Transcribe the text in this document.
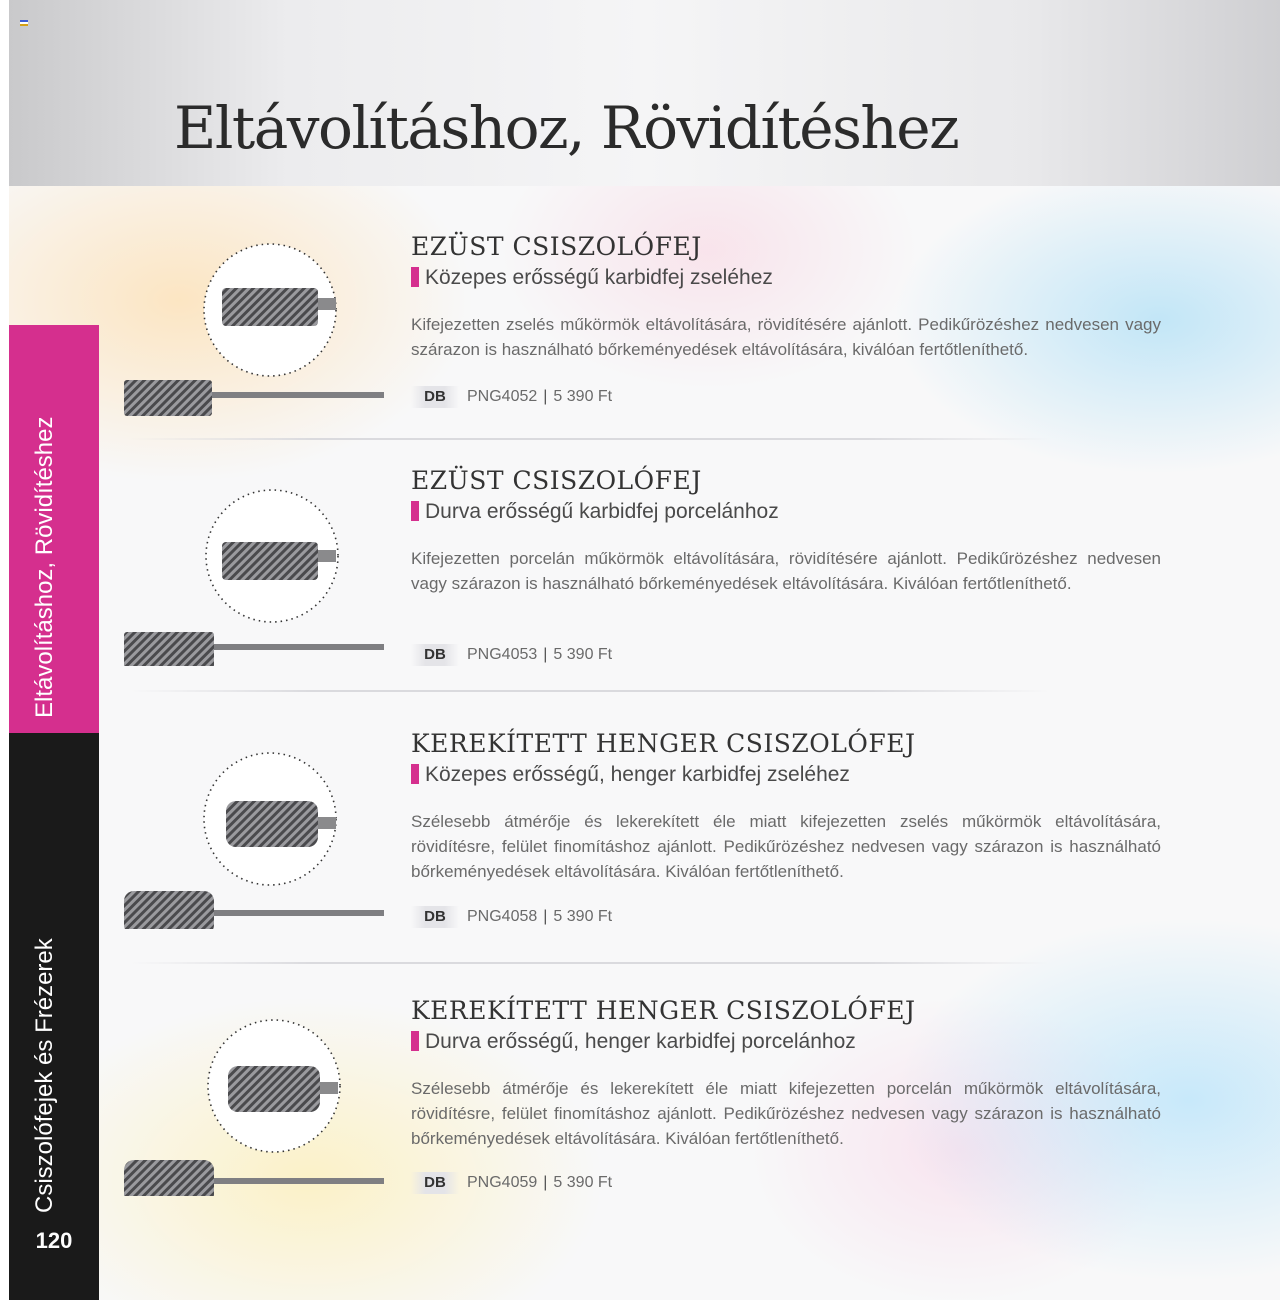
Eltávolításhoz, Rövidítéshez
Eltávolításhoz, Rövidítéshez
Csiszolófejek és Frézerek
120
EZÜST CSISZOLÓFEJ
Közepes erősségű karbidfej zseléhez

Kifejezetten zselés műkörmök eltávolítására, rövidítésére ajánlott. Pedikűrözéshez nedvesen vagy szárazon is használható bőrkeményedések eltávolítására, kiválóan fertőtleníthető.

DB PNG4052 | 5 390 Ft
EZÜST CSISZOLÓFEJ
Durva erősségű karbidfej porcelánhoz

Kifejezetten porcelán műkörmök eltávolítására, rövidítésére ajánlott. Pedikűrözéshez nedvesen vagy szárazon is használható bőrkeményedések eltávolítására. Kiválóan fertőtleníthető.

DB PNG4053 | 5 390 Ft
KEREKÍTETT HENGER CSISZOLÓFEJ
Közepes erősségű, henger karbidfej zseléhez

Szélesebb átmérője és lekerekített éle miatt kifejezetten zselés műkörmök eltávolítására, rövidítésre, felület finomításhoz ajánlott. Pedikűrözéshez nedvesen vagy szárazon is használható bőrkeményedések eltávolítására. Kiválóan fertőtleníthető.

DB PNG4058 | 5 390 Ft
KEREKÍTETT HENGER CSISZOLÓFEJ
Durva erősségű, henger karbidfej porcelánhoz

Szélesebb átmérője és lekerekített éle miatt kifejezetten porcelán műkörmök eltávolítására, rövidítésre, felület finomításhoz ajánlott. Pedikűrözéshez nedvesen vagy szárazon is használható bőrkeményedések eltávolítására. Kiválóan fertőtleníthető.

DB PNG4059 | 5 390 Ft
